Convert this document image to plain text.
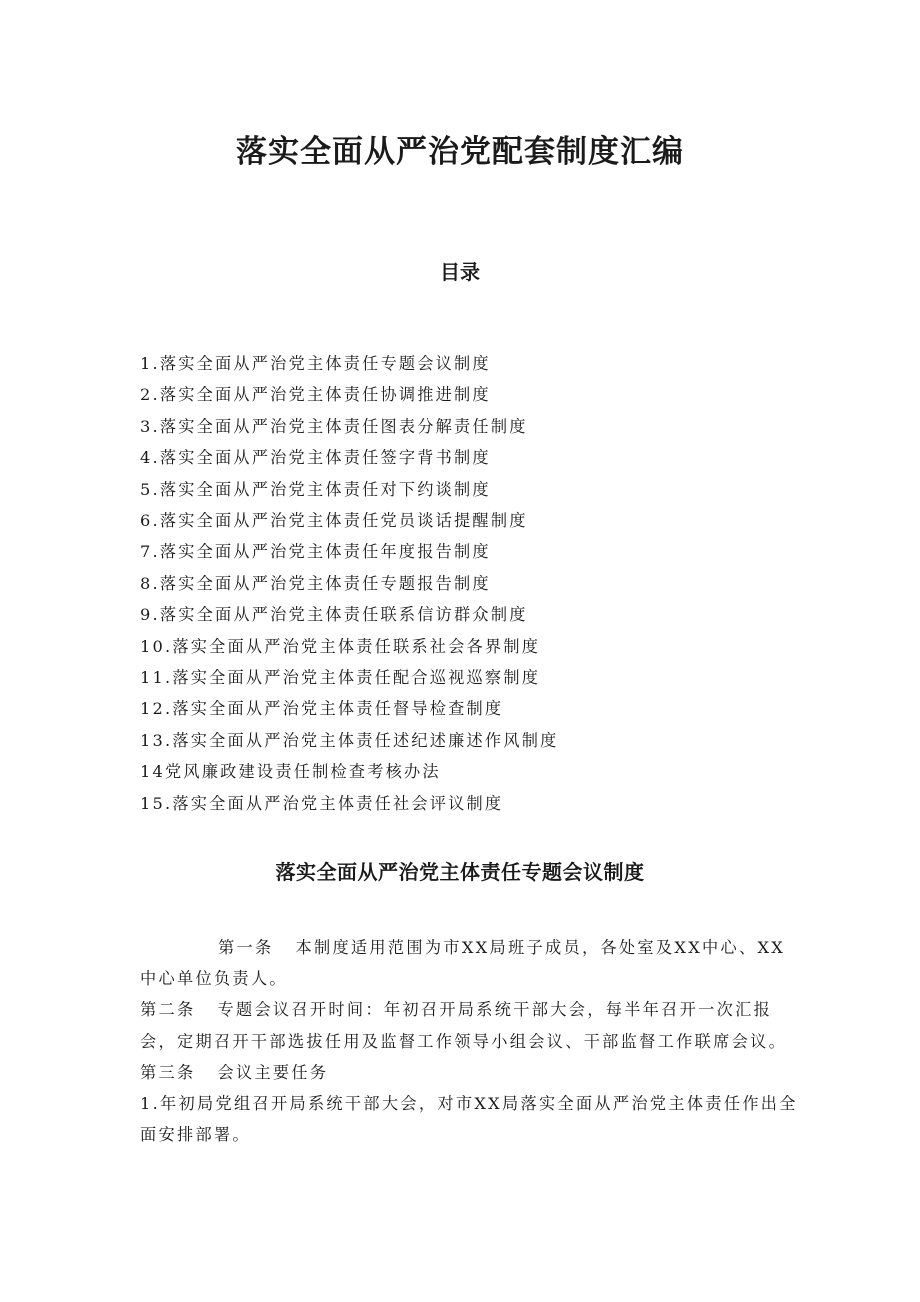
落实全面从严治党配套制度汇编
目录
1.落实全面从严治党主体责任专题会议制度
2.落实全面从严治党主体责任协调推进制度
3.落实全面从严治党主体责任图表分解责任制度
4.落实全面从严治党主体责任签字背书制度
5.落实全面从严治党主体责任对下约谈制度
6.落实全面从严治党主体责任党员谈话提醒制度
7.落实全面从严治党主体责任年度报告制度
8.落实全面从严治党主体责任专题报告制度
9.落实全面从严治党主体责任联系信访群众制度
10.落实全面从严治党主体责任联系社会各界制度
11.落实全面从严治党主体责任配合巡视巡察制度
12.落实全面从严治党主体责任督导检查制度
13.落实全面从严治党主体责任述纪述廉述作风制度
14党风廉政建设责任制检查考核办法
15.落实全面从严治党主体责任社会评议制度
落实全面从严治党主体责任专题会议制度

第一条 本制度适用范围为市XX局班子成员，各处室及XX中心、XX中心单位负责人。

第二条 专题会议召开时间：年初召开局系统干部大会，每半年召开一次汇报会，定期召开干部选拔任用及监督工作领导小组会议、干部监督工作联席会议。

第三条 会议主要任务

1.年初局党组召开局系统干部大会，对市XX局落实全面从严治党主体责任作出全面安排部署。
